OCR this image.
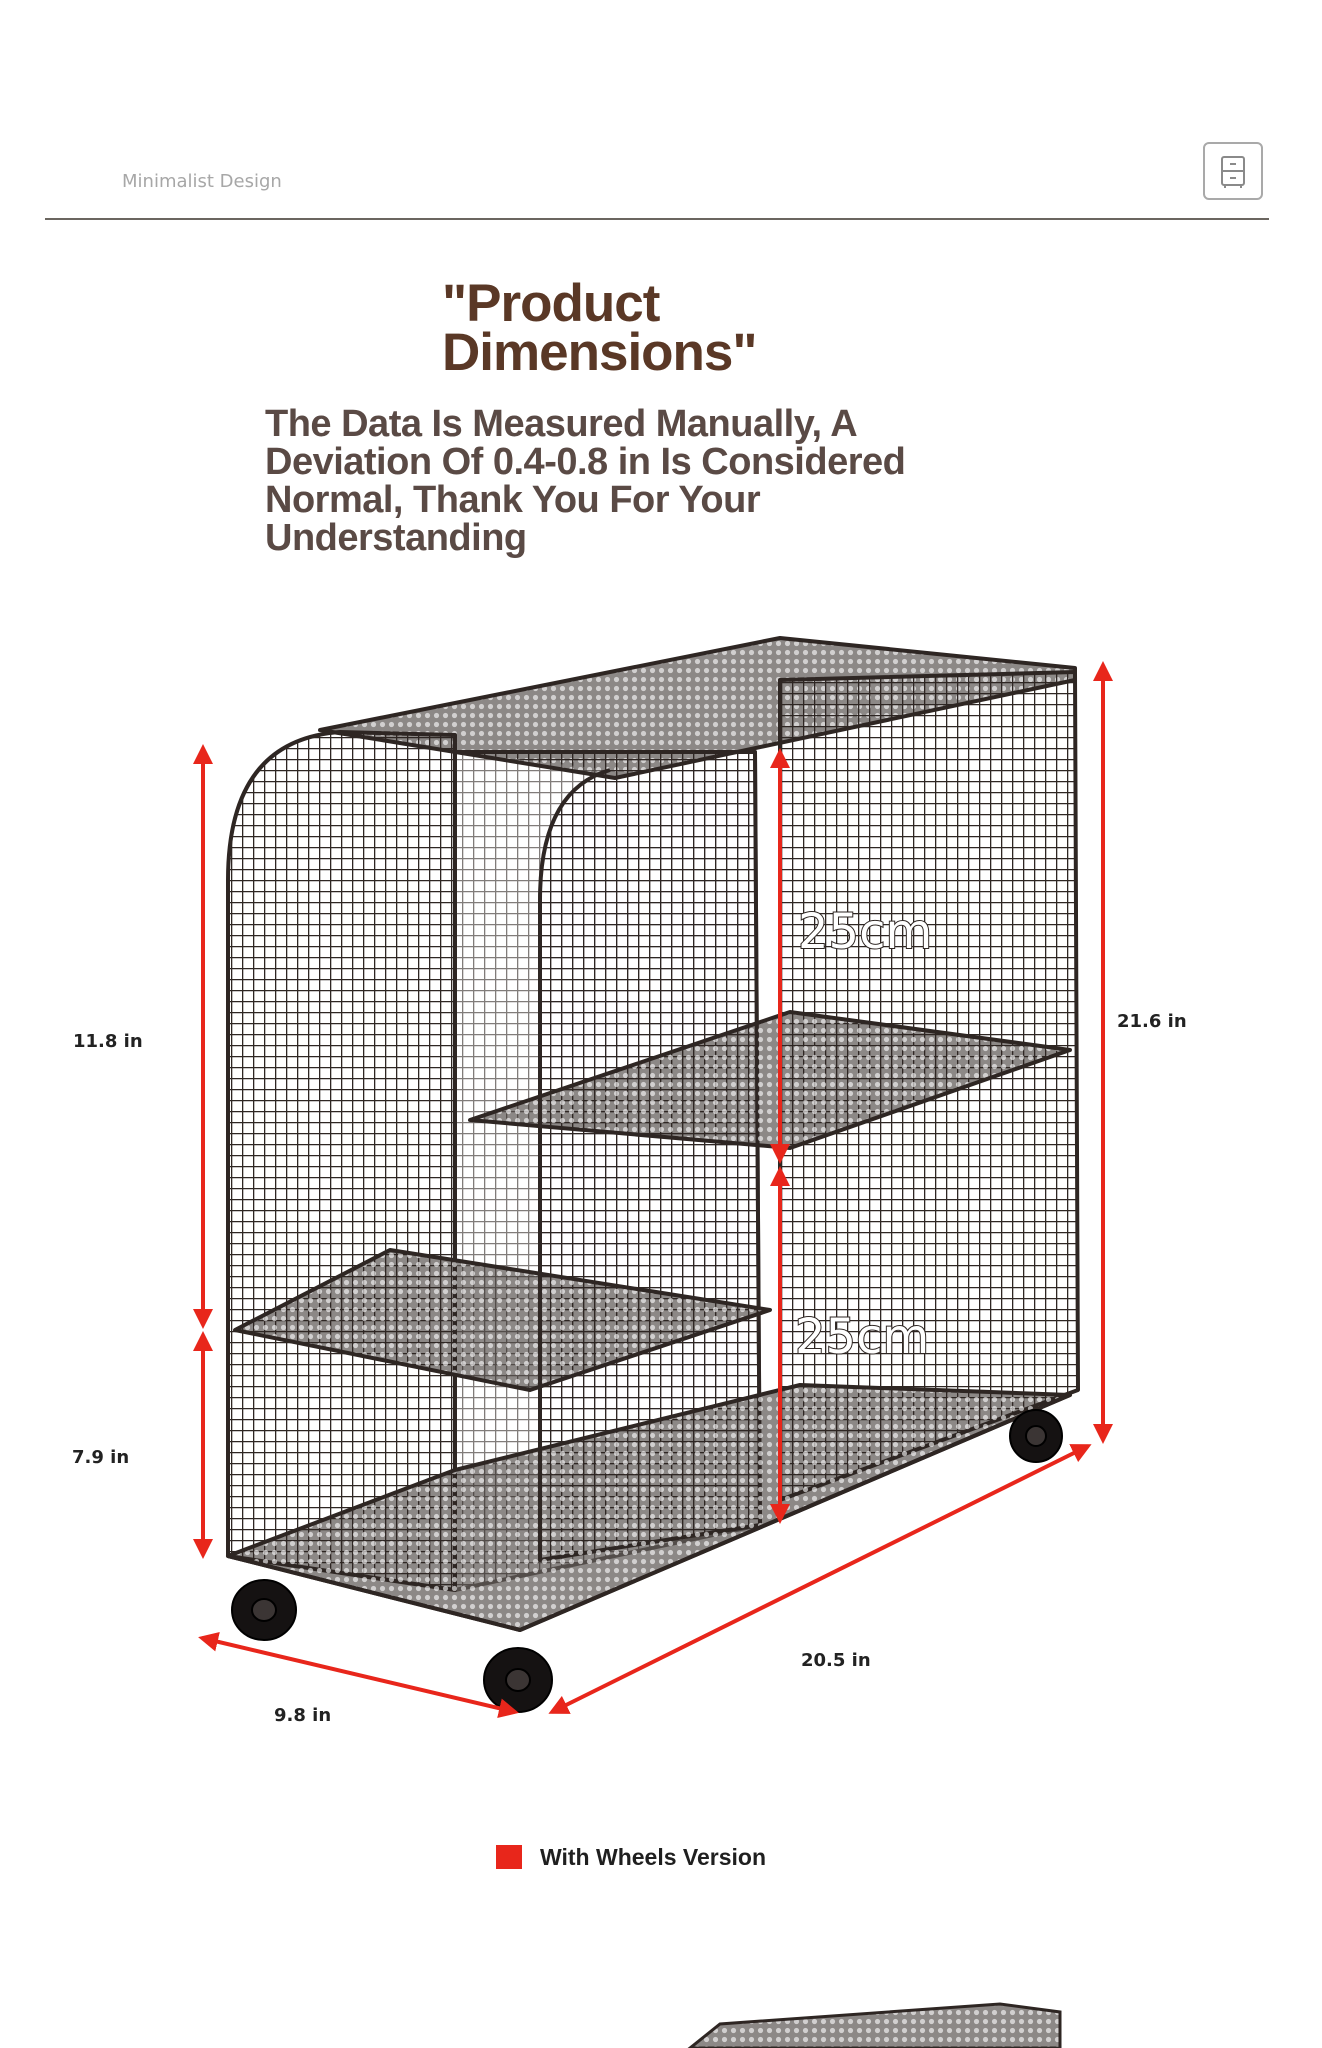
Minimalist Design
"Product Dimensions"
The Data Is Measured Manually, A Deviation Of 0.4-0.8 in Is Considered Normal, Thank You For Your Understanding
25cm
25cm
11.8 in
7.9 in
21.6 in
9.8 in
20.5 in
With Wheels Version
